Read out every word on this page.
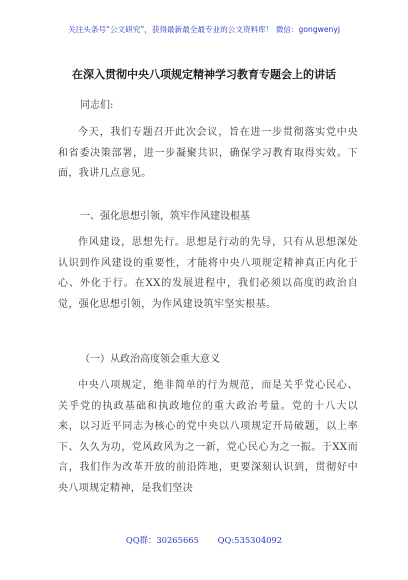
关注头条号“公文研究”，获得最新最全最专业的公文资料库！ 微信：gongwenyj
在深入贯彻中央八项规定精神学习教育专题会上的讲话
同志们:
今天，我们专题召开此次会议，旨在进一步贯彻落实党中央和省委决策部署，进一步凝聚共识，确保学习教育取得实效。下面，我讲几点意见。
一、强化思想引领，筑牢作风建设根基
作风建设，思想先行。思想是行动的先导，只有从思想深处认识到作风建设的重要性，才能将中央八项规定精神真正内化于心、外化于行。在XX的发展进程中，我们必须以高度的政治自觉，强化思想引领，为作风建设筑牢坚实根基。
（一）从政治高度领会重大意义
中央八项规定，绝非简单的行为规范，而是关乎党心民心、关乎党的执政基础和执政地位的重大政治考量。党的十八大以来，以习近平同志为核心的党中央以八项规定开局破题，以上率下、久久为功，党风政风为之一新，党心民心为之一振。于XX而言，我们作为改革开放的前沿阵地，更要深刻认识到，贯彻好中央八项规定精神，是我们坚决
QQ群：30265665 QQ:535304092
